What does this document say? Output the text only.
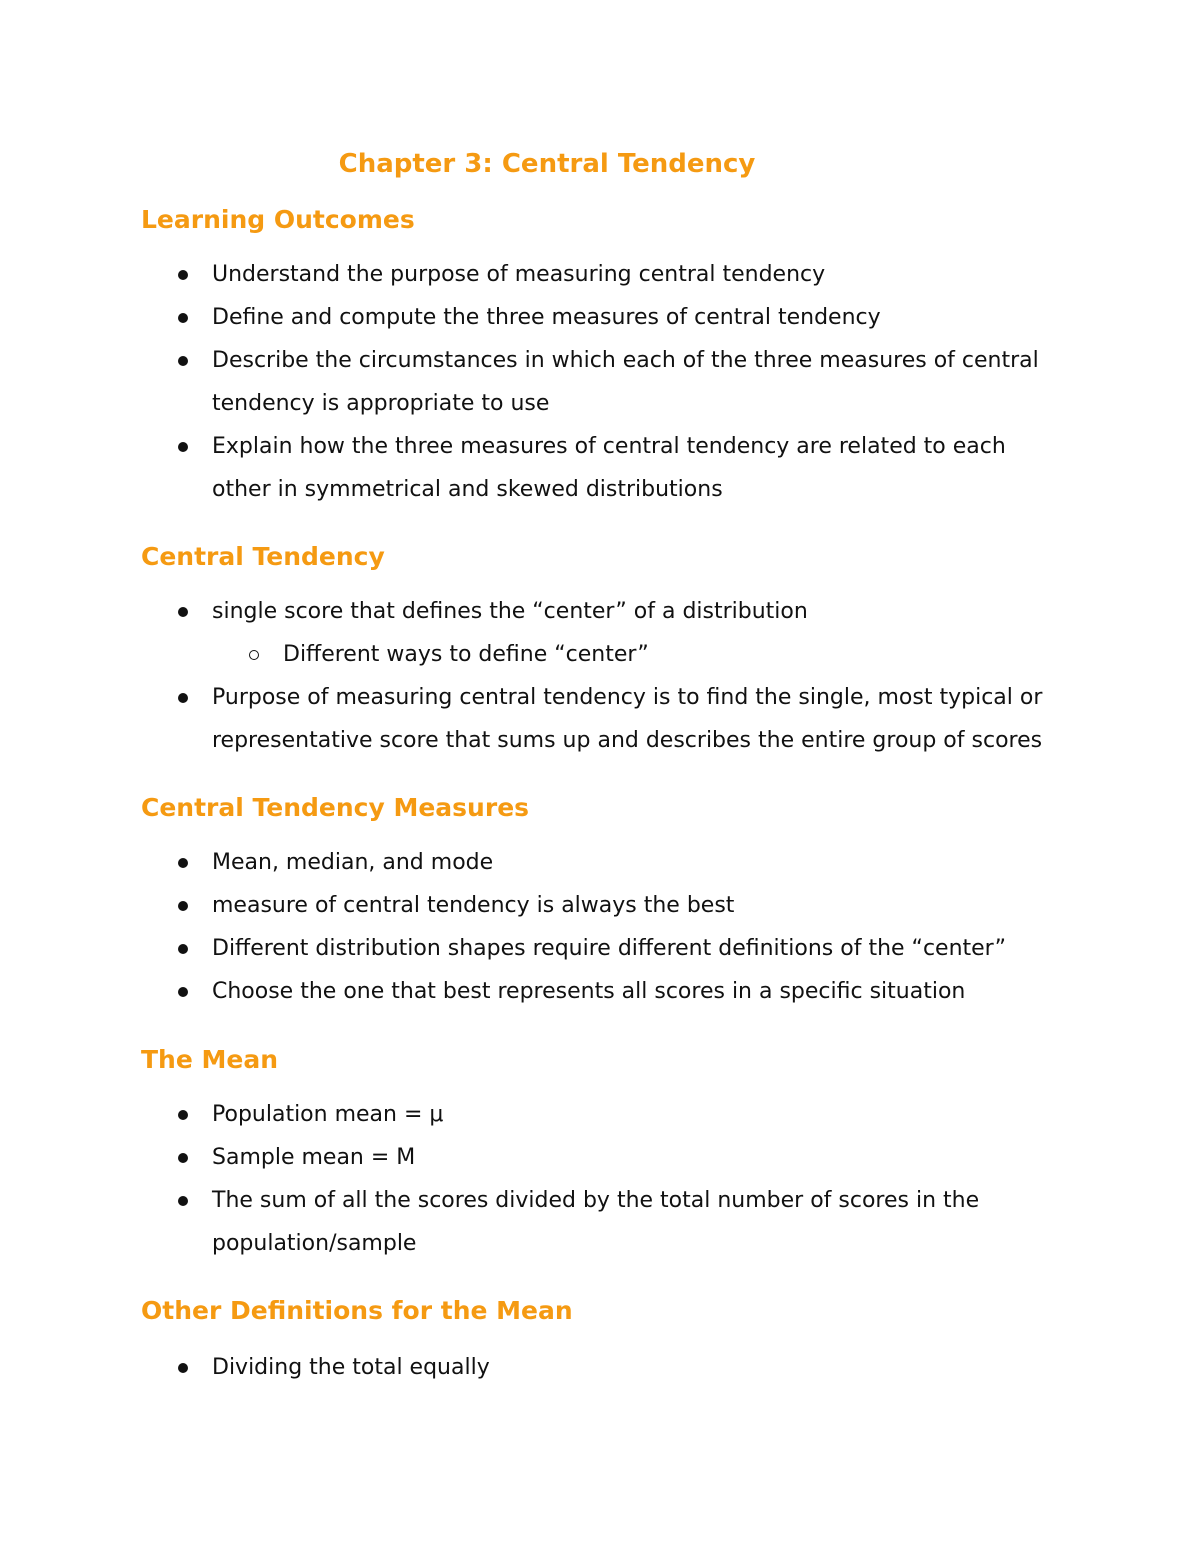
Chapter 3: Central Tendency
Learning Outcomes
Understand the purpose of measuring central tendency
Define and compute the three measures of central tendency
Describe the circumstances in which each of the three measures of central
tendency is appropriate to use
Explain how the three measures of central tendency are related to each
other in symmetrical and skewed distributions
Central Tendency
single score that defines the “center” of a distribution
Different ways to define “center”
Purpose of measuring central tendency is to find the single, most typical or
representative score that sums up and describes the entire group of scores
Central Tendency Measures
Mean, median, and mode
measure of central tendency is always the best
Different distribution shapes require different definitions of the “center”
Choose the one that best represents all scores in a specific situation
The Mean
Population mean = μ
Sample mean = M
The sum of all the scores divided by the total number of scores in the
population/sample
Other Definitions for the Mean
Dividing the total equally
